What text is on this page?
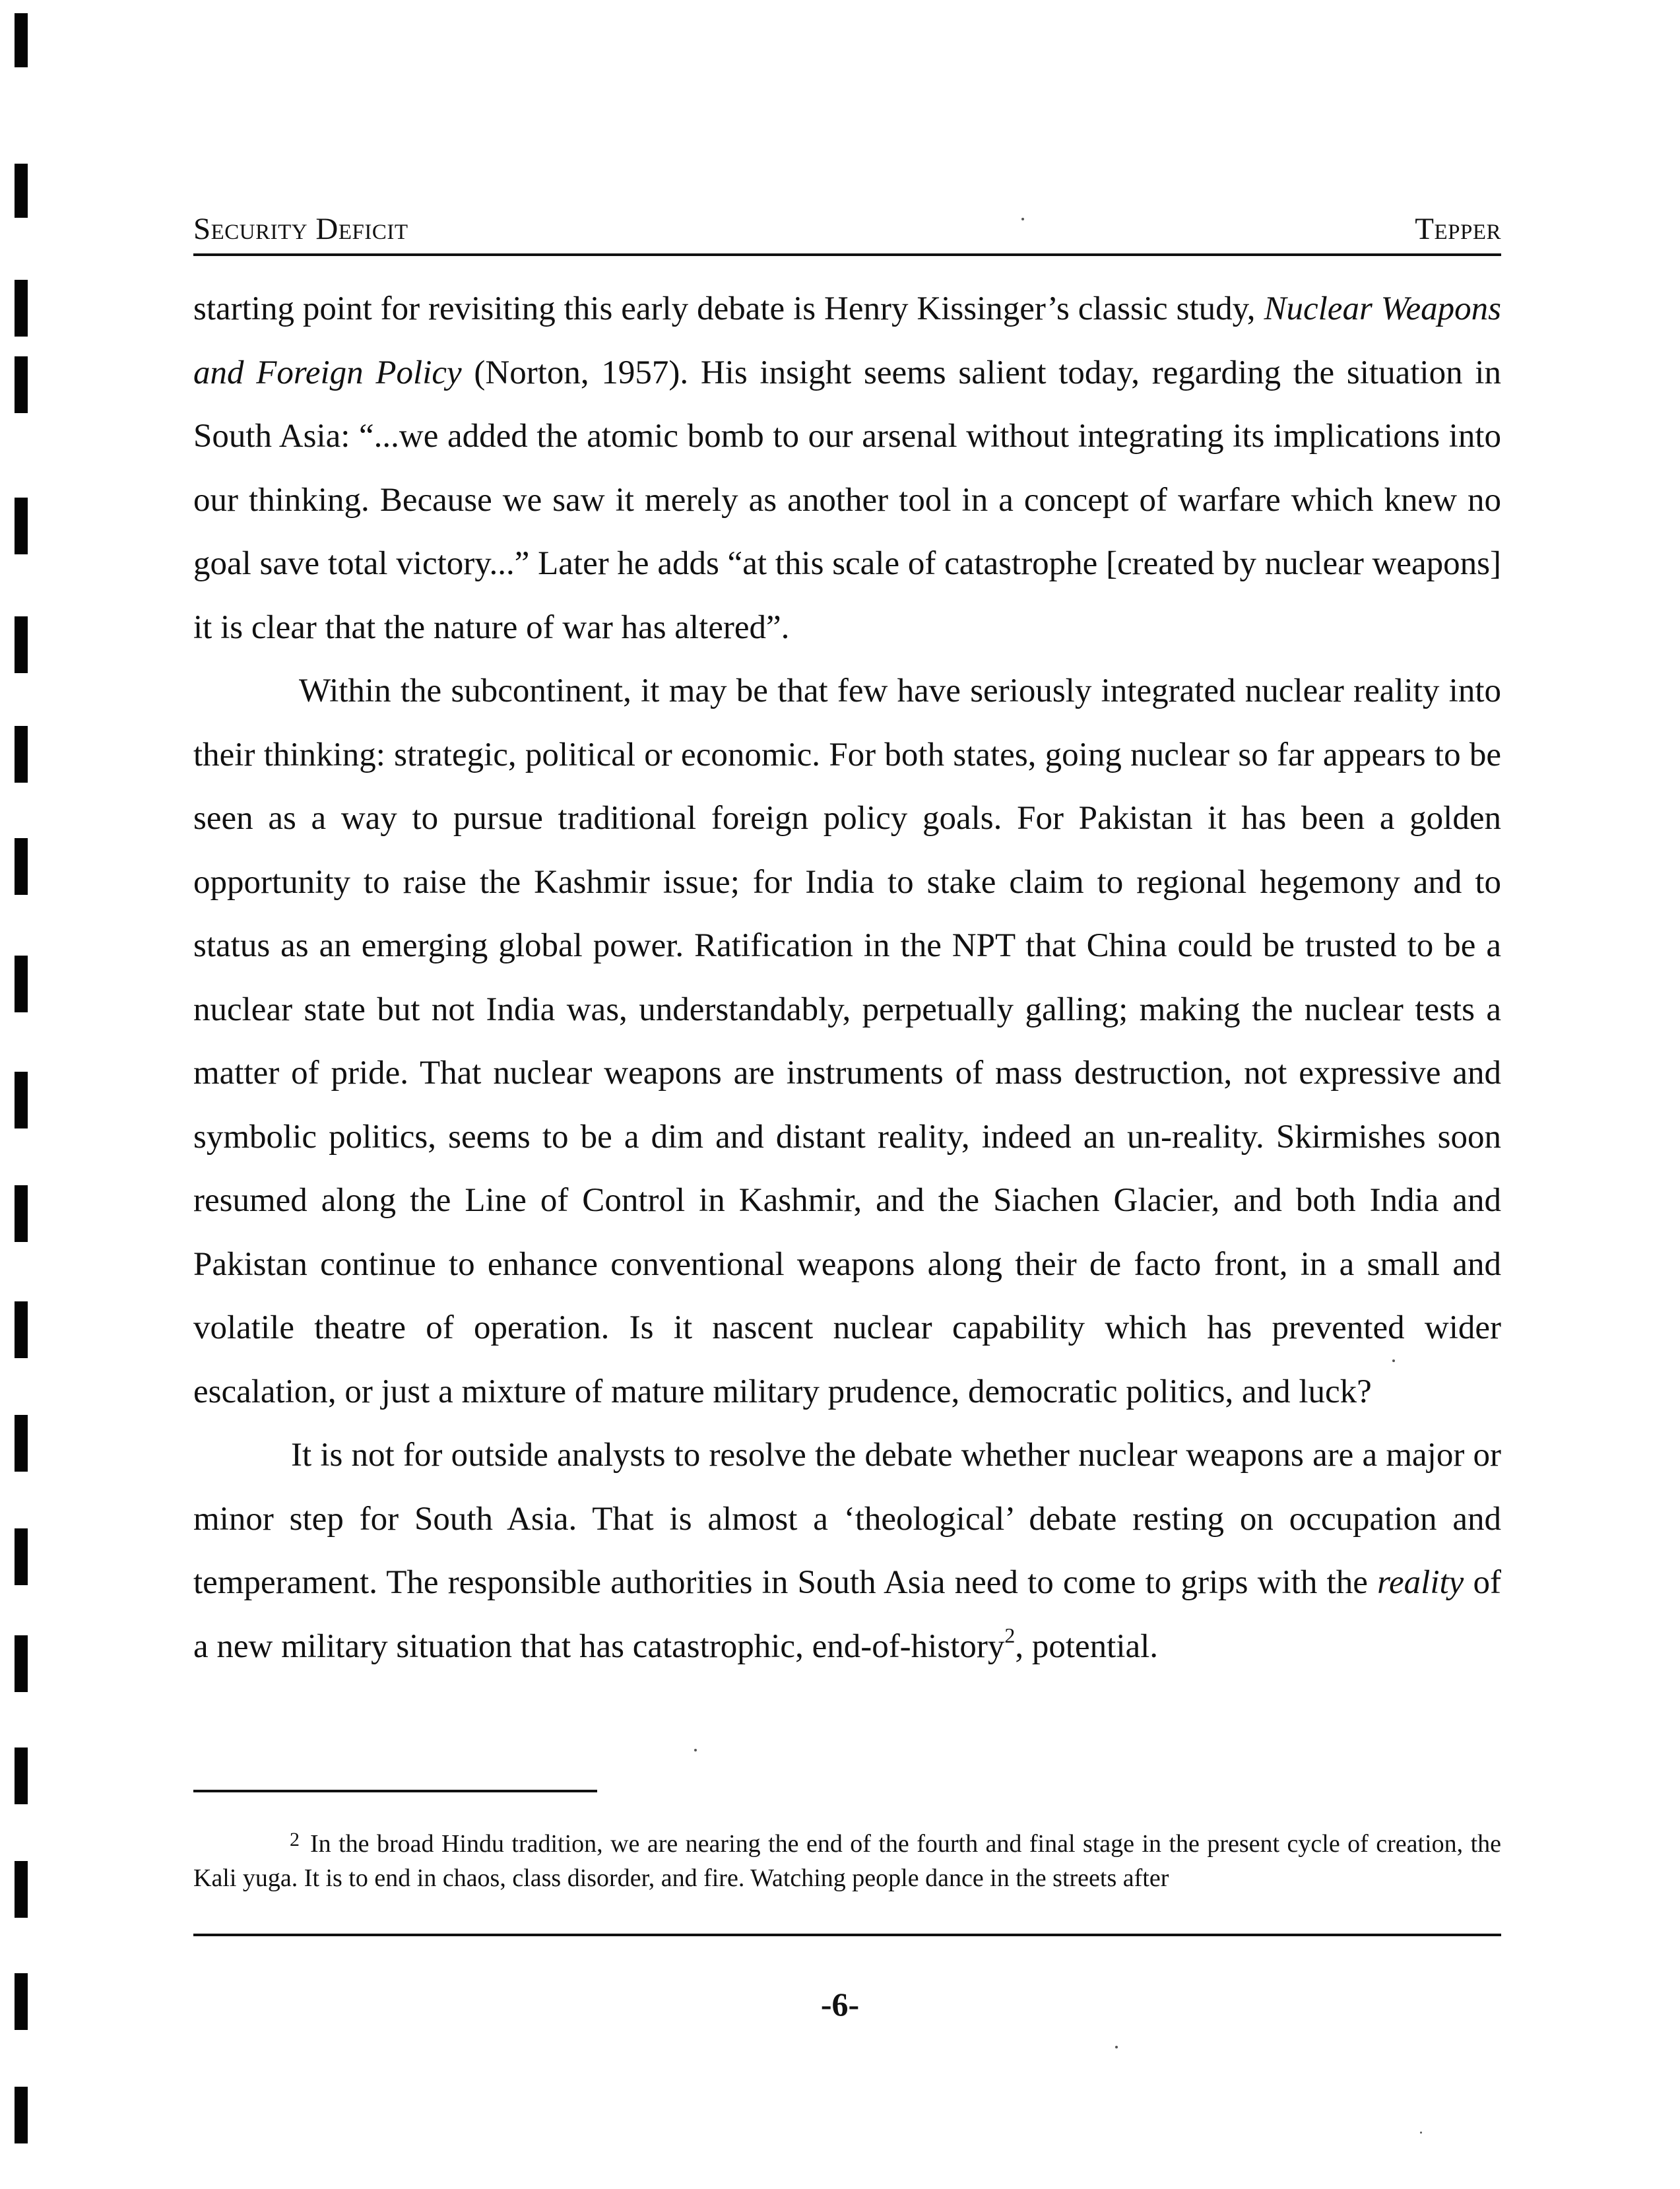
Security Deficit	Tepper

starting point for revisiting this early debate is Henry Kissinger’s classic study, Nuclear Weapons and Foreign Policy (Norton, 1957). His insight seems salient today, regarding the situation in South Asia: “...we added the atomic bomb to our arsenal without integrating its implications into our thinking. Because we saw it merely as another tool in a concept of warfare which knew no goal save total victory...” Later he adds “at this scale of catastrophe [created by nuclear weapons] it is clear that the nature of war has altered”.

Within the subcontinent, it may be that few have seriously integrated nuclear reality into their thinking: strategic, political or economic. For both states, going nuclear so far appears to be seen as a way to pursue traditional foreign policy goals. For Pakistan it has been a golden opportunity to raise the Kashmir issue; for India to stake claim to regional hegemony and to status as an emerging global power. Ratification in the NPT that China could be trusted to be a nuclear state but not India was, understandably, perpetually galling; making the nuclear tests a matter of pride. That nuclear weapons are instruments of mass destruction, not expressive and symbolic politics, seems to be a dim and distant reality, indeed an un-reality. Skirmishes soon resumed along the Line of Control in Kashmir, and the Siachen Glacier, and both India and Pakistan continue to enhance conventional weapons along their de facto front, in a small and volatile theatre of operation. Is it nascent nuclear capability which has prevented wider escalation, or just a mixture of mature military prudence, democratic politics, and luck?

It is not for outside analysts to resolve the debate whether nuclear weapons are a major or minor step for South Asia. That is almost a ‘theological’ debate resting on occupation and temperament. The responsible authorities in South Asia need to come to grips with the reality of a new military situation that has catastrophic, end-of-history$^2$, potential.

$^2$ In the broad Hindu tradition, we are nearing the end of the fourth and final stage in the present cycle of creation, the Kali yuga. It is to end in chaos, class disorder, and fire. Watching people dance in the streets after
-6-
